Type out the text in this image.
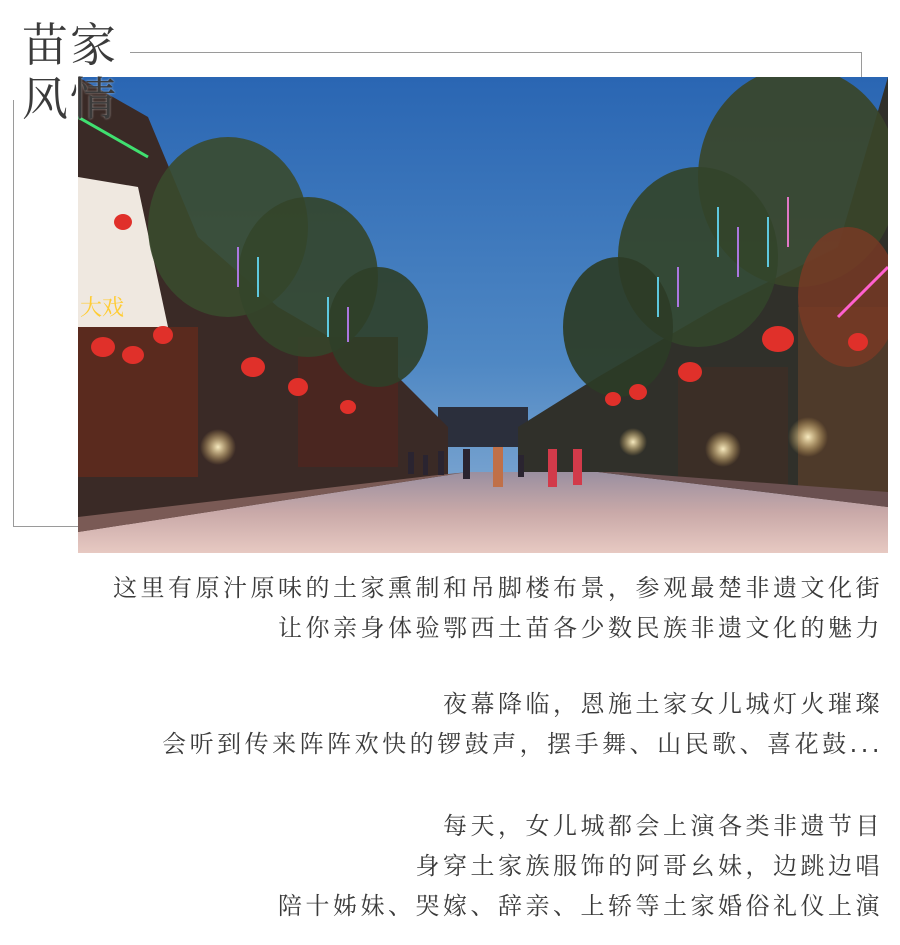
苗家
风情
大戏

这里有原汁原味的土家熏制和吊脚楼布景，参观最楚非遗文化街

让你亲身体验鄂西土苗各少数民族非遗文化的魅力

夜幕降临，恩施土家女儿城灯火璀璨

会听到传来阵阵欢快的锣鼓声，摆手舞、山民歌、喜花鼓...

每天，女儿城都会上演各类非遗节目

身穿土家族服饰的阿哥幺妹，边跳边唱

陪十姊妹、哭嫁、辞亲、上轿等土家婚俗礼仪上演
